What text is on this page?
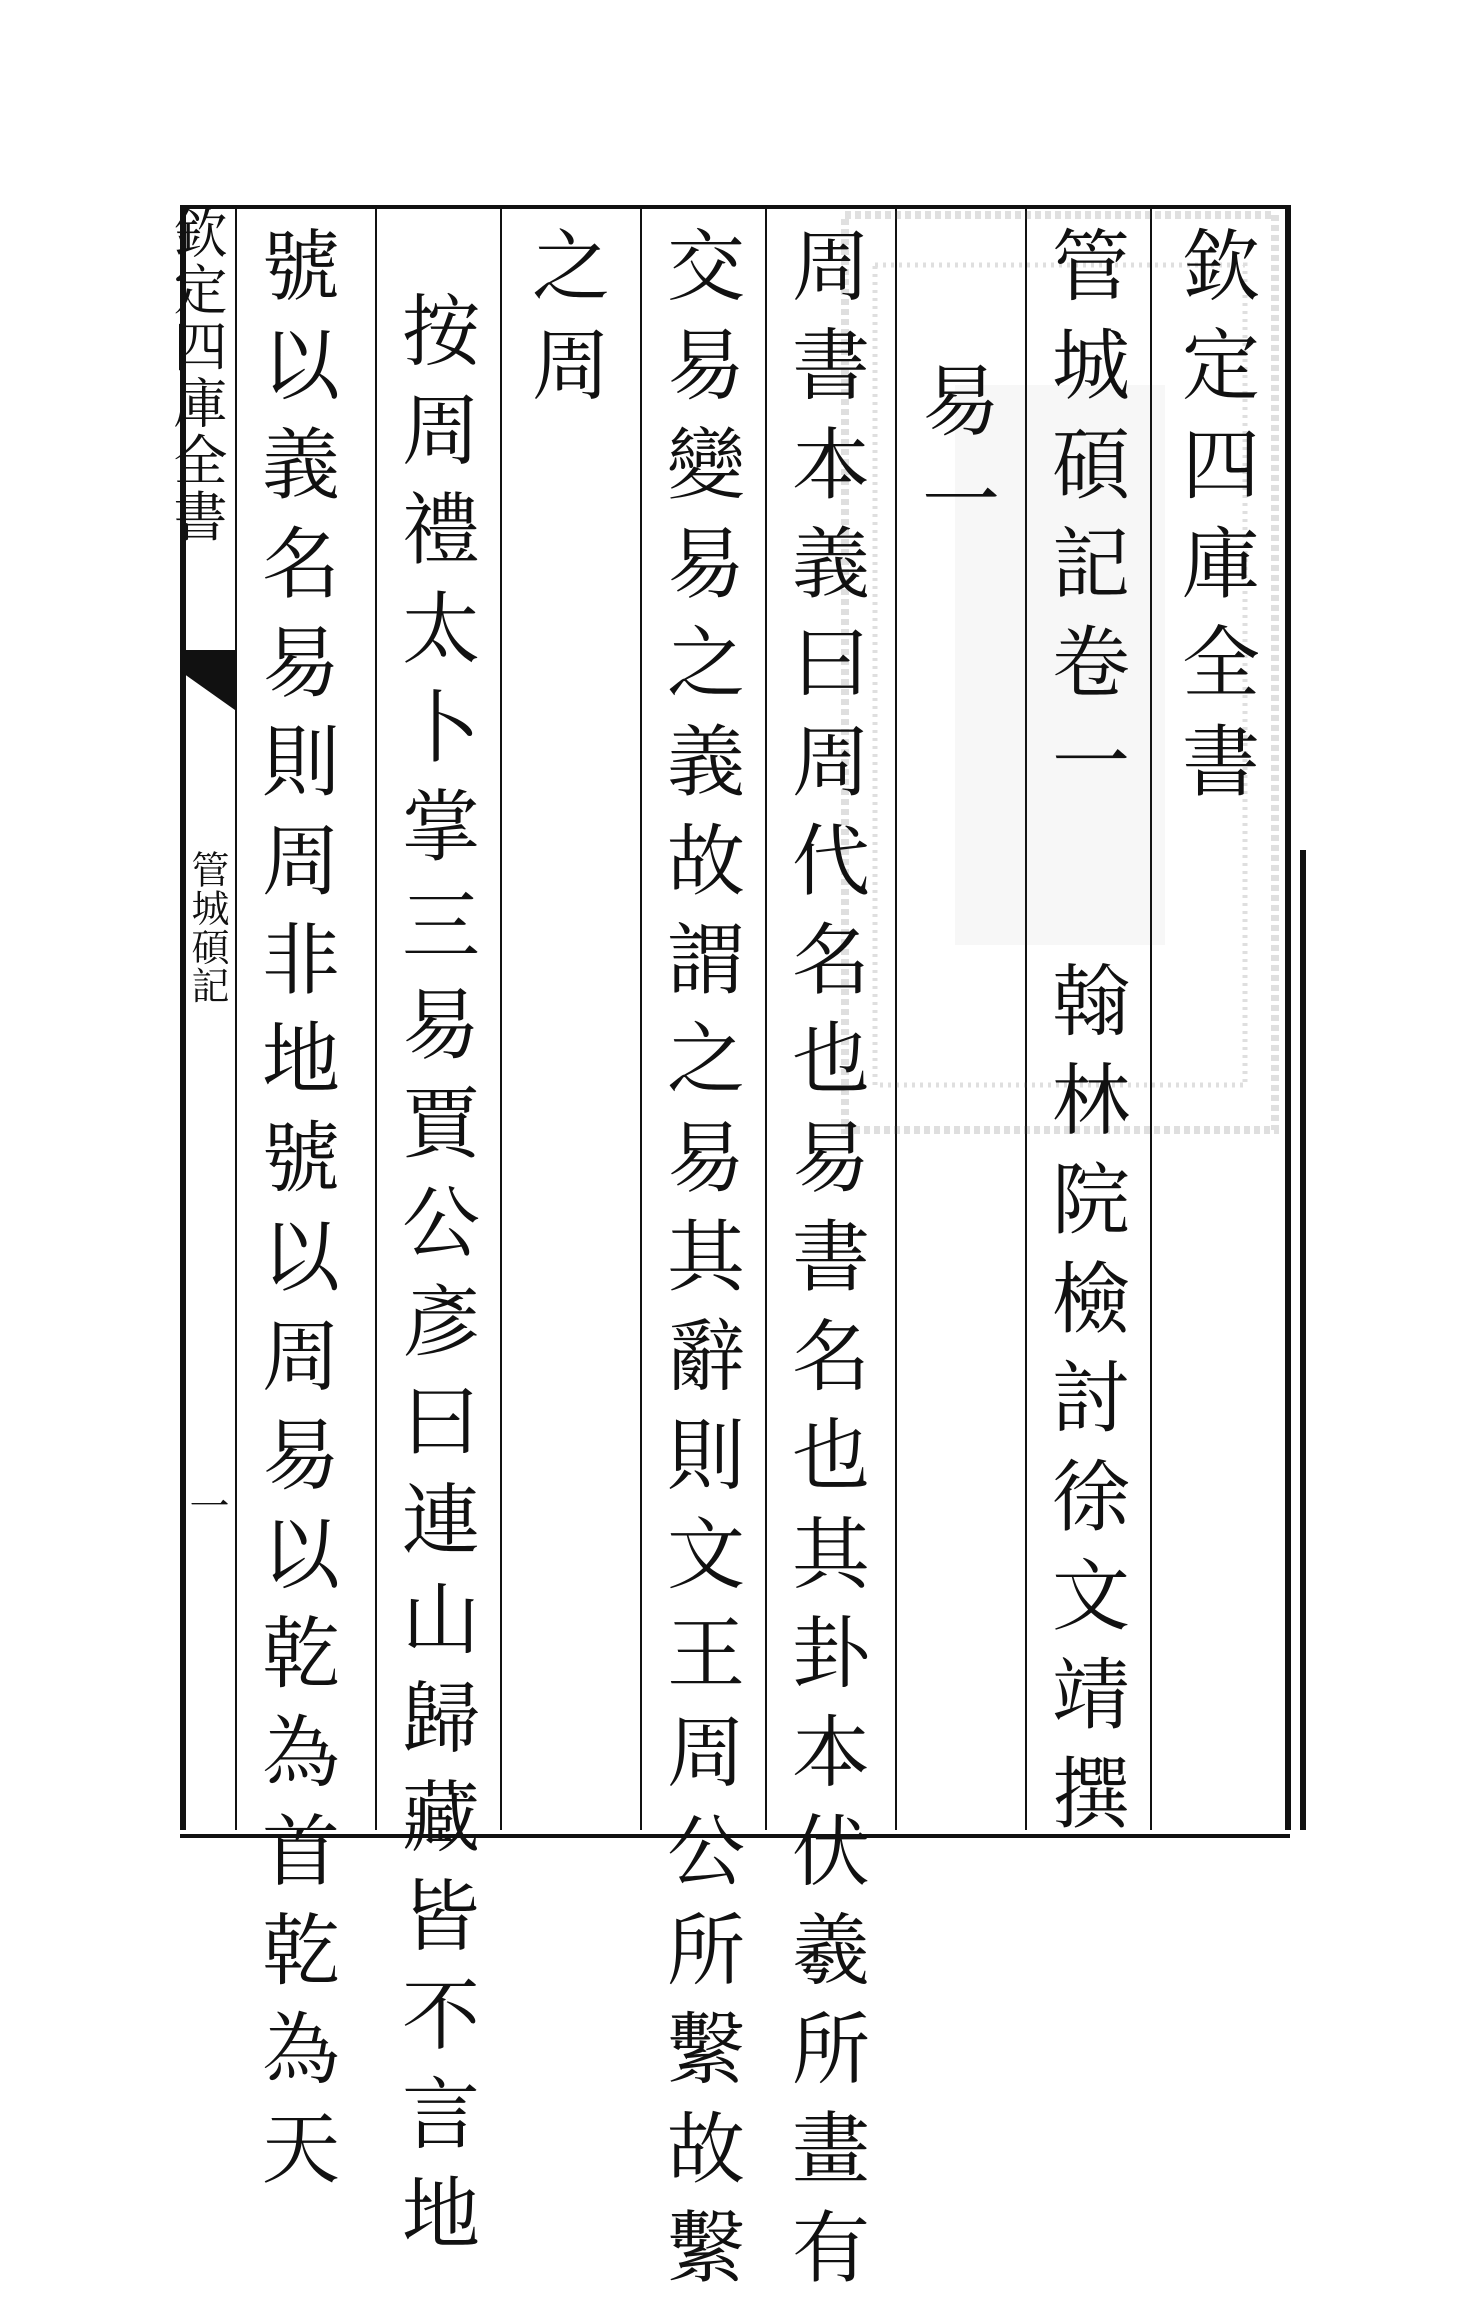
欽定四庫全書
管城碩記
一
欽定四庫全書
管城碩記卷一
翰林院檢討徐文靖撰
易一
周書本義曰周代名也易書名也其卦本伏羲所畫有
交易變易之義故謂之易其辭則文王周公所繫故繫
之周
按周禮太卜掌三易賈公彥曰連山歸藏皆不言地
號以義名易則周非地號以周易以乾為首乾為天
